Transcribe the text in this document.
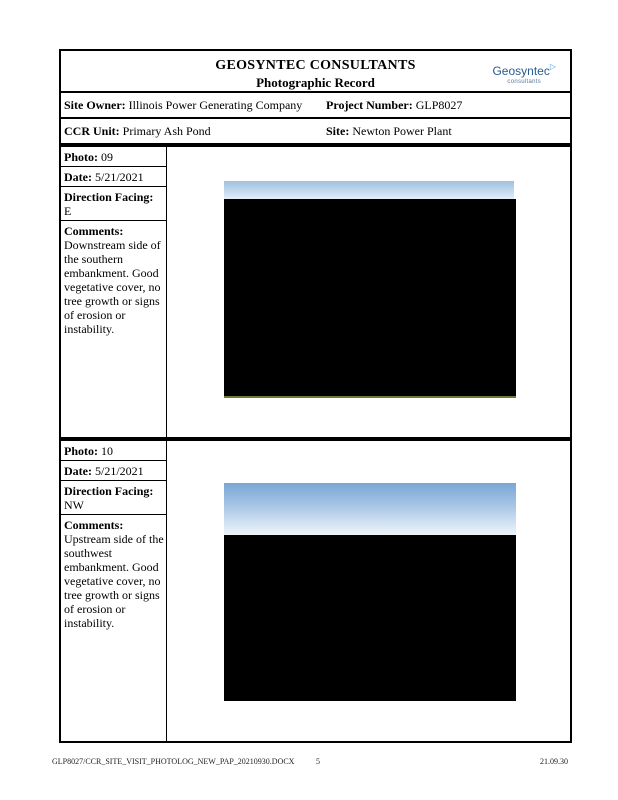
GEOSYNTEC CONSULTANTS
Photographic Record
Geosyntec▷
consultants
Site Owner: Illinois Power Generating Company Project Number: GLP8027
CCR Unit: Primary Ash Pond	Site: Newton Power Plant
Photo: 09
Date: 5/21/2021
Direction Facing:
E
Comments:
Downstream side of the southern embankment. Good vegetative cover, no tree growth or signs of erosion or instability.
Photo: 10
Date: 5/21/2021
Direction Facing:
NW
Comments:
Upstream side of the southwest embankment. Good vegetative cover, no tree growth or signs of erosion or instability.
GLP8027/CCR_SITE_VISIT_PHOTOLOG_NEW_PAP_20210930.DOCX	5	21.09.30
